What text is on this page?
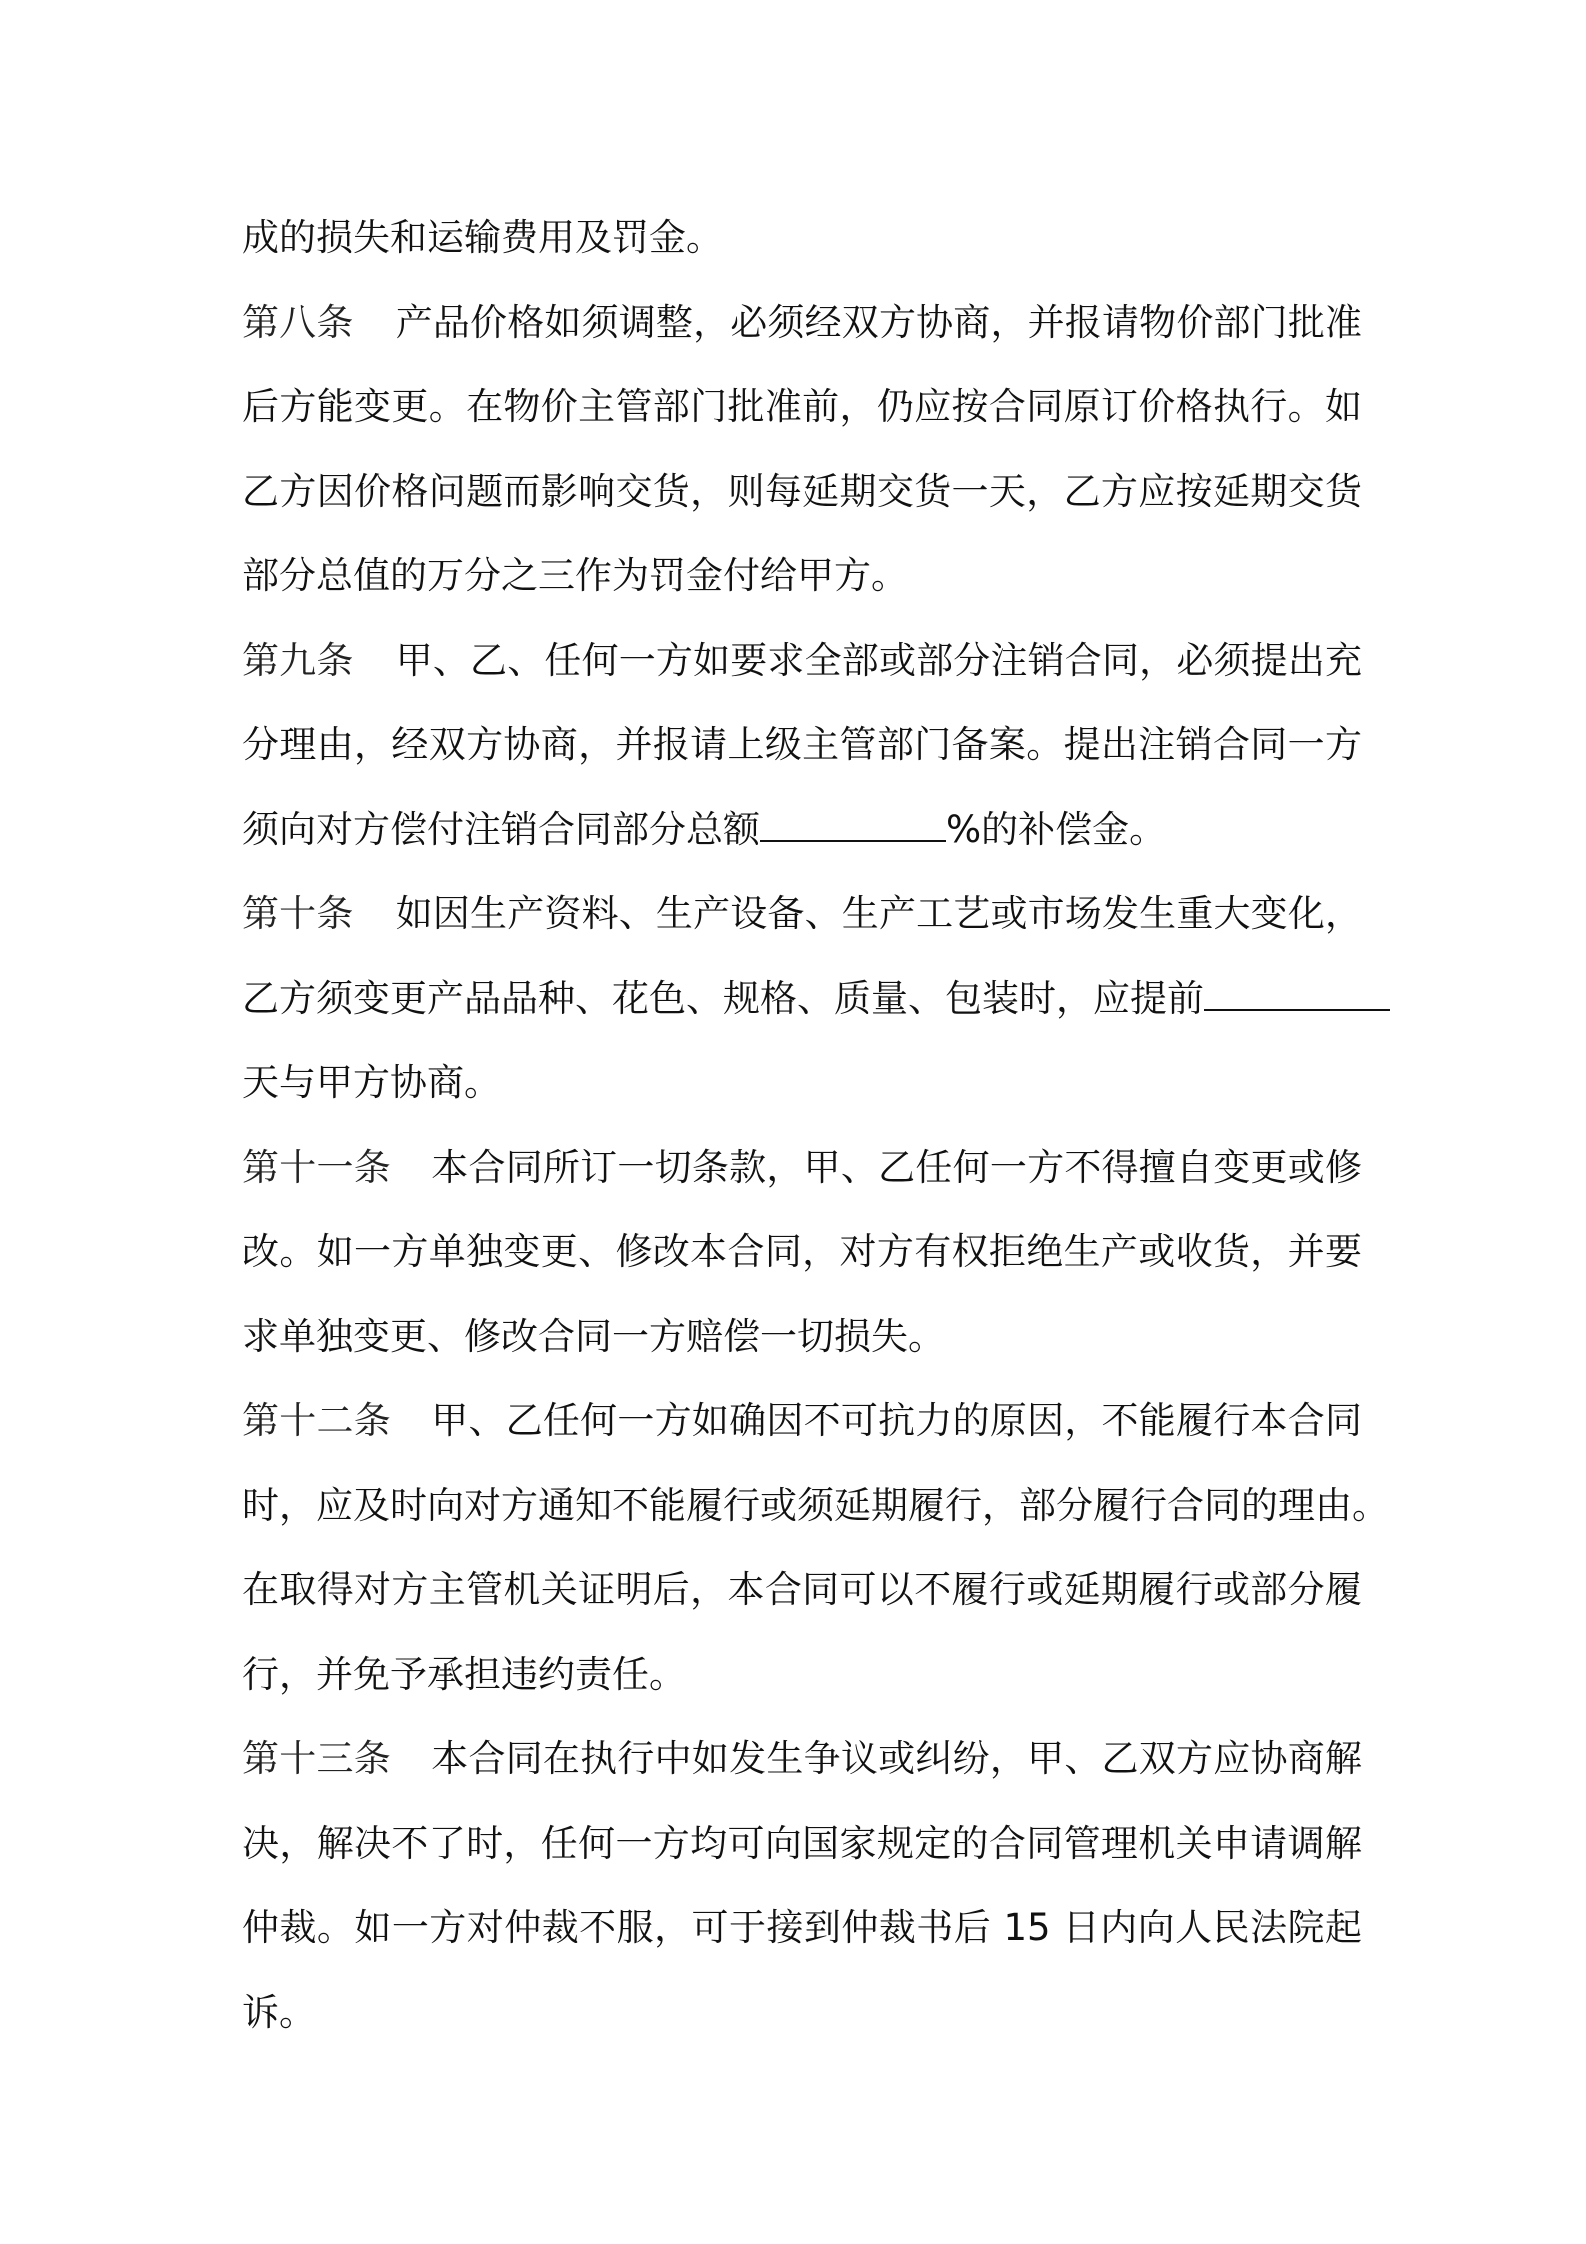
成的损失和运输费用及罚金。
第八条 产品价格如须调整，必须经双方协商，并报请物价部门批准
后方能变更。在物价主管部门批准前，仍应按合同原订价格执行。如
乙方因价格问题而影响交货，则每延期交货一天，乙方应按延期交货
部分总值的万分之三作为罚金付给甲方。
第九条 甲、乙、任何一方如要求全部或部分注销合同，必须提出充
分理由，经双方协商，并报请上级主管部门备案。提出注销合同一方
须向对方偿付注销合同部分总额	%的补偿金。
第十条 如因生产资料、生产设备、生产工艺或市场发生重大变化，
乙方须变更产品品种、花色、规格、质量、包装时，应提前
天与甲方协商。
第十一条 本合同所订一切条款，甲、乙任何一方不得擅自变更或修
改。如一方单独变更、修改本合同，对方有权拒绝生产或收货，并要
求单独变更、修改合同一方赔偿一切损失。
第十二条 甲、乙任何一方如确因不可抗力的原因，不能履行本合同
时，应及时向对方通知不能履行或须延期履行，部分履行合同的理由。
在取得对方主管机关证明后，本合同可以不履行或延期履行或部分履
行，并免予承担违约责任。
第十三条 本合同在执行中如发生争议或纠纷，甲、乙双方应协商解
决，解决不了时，任何一方均可向国家规定的合同管理机关申请调解
仲裁。如一方对仲裁不服，可于接到仲裁书后 15 日内向人民法院起
诉。
